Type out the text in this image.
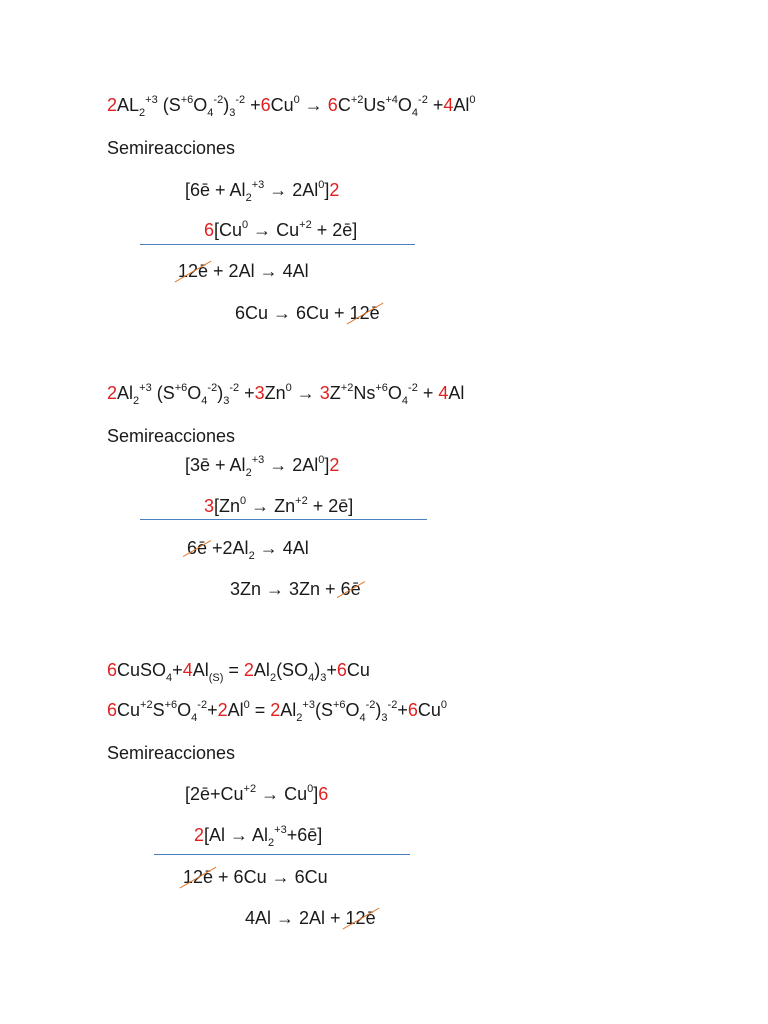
$2AL_2^{+3}$ $(S^{+6}O_4^{-2})_3^{-2} +6Cu^0 \to 6C^{+2}Us^{+4}O_4^{-2} +4Al^0$
Semireacciones
[6ē + $Al_2^{+3} \to 2Al^0]2$
$6[Cu^0 \to Cu^{+2}$ + 2ē]
12ē + 2Al → 4Al
6Cu → 6Cu + 12ē
$2Al_2^{+3}$ $(S^{+6}O_4^{-2})_3^{-2} +3Zn^0 \to 3Z^{+2}Ns^{+6}O_4^{-2} + 4Al$
Semireacciones
[3ē + $Al_2^{+3} \to 2Al^0]2$
$3[Zn^0 \to Zn^{+2}$ + 2ē]
6ē $+2Al_2 \to 4Al$
3Zn → 3Zn + 6ē
$6CuSO_4+4Al_{(S)} = 2Al_2(SO_4)_3+6Cu$
$6Cu^{+2}S^{+6}O_4^{-2}+2Al^0 = 2Al_2^{+3}(S^{+6}O_4^{-2})_3^{-2}+6Cu^0$
Semireacciones
$[2ē+Cu^{+2} \to Cu^0]6$
$2[Al \to Al_2^{+3}+6ē]$
12ē + 6Cu → 6Cu
4Al → 2Al + 12ē
